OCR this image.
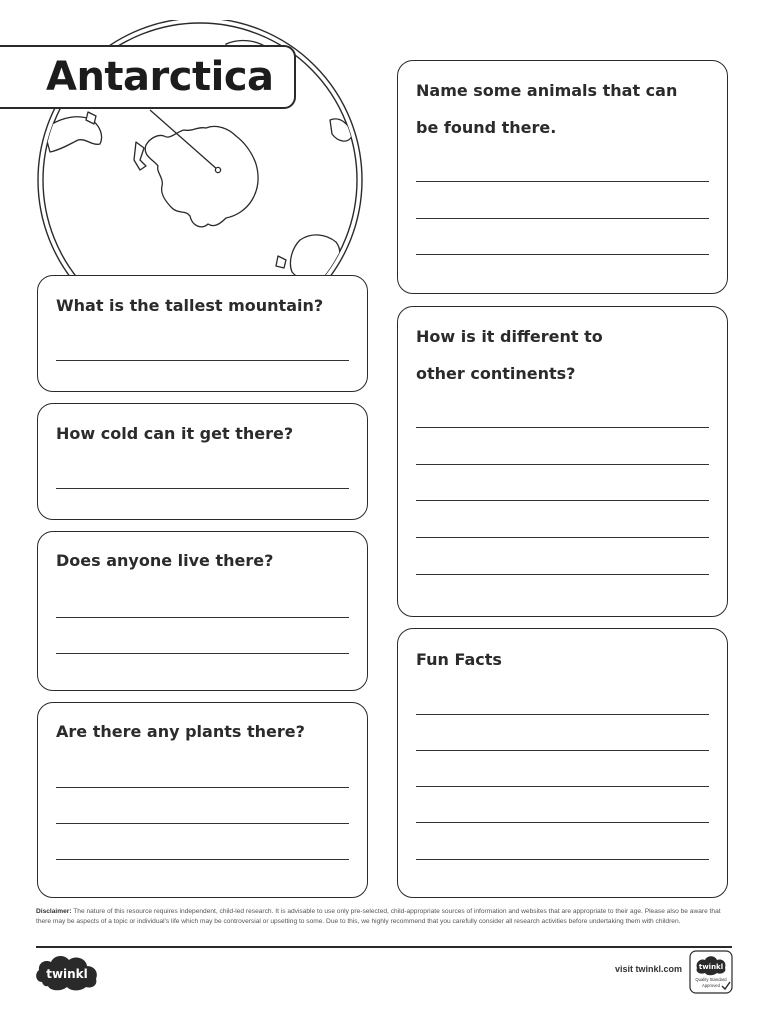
Antarctica	Name some animals that can

be found there.

How is it different to

other continents?

Fun Facts

What is the tallest mountain?

How cold can it get there?

Does anyone live there?

Are there any plants there?

Disclaimer: The nature of this resource requires independent, child-led research. It is advisable to use only pre-selected, child-appropriate sources of information and websites that are appropriate to their age. Please also be aware that there may be aspects of a topic or individual's life which may be controversial or upsetting to some. Due to this, we highly recommend that you carefully consider all research activities before undertaking them with children.
twinkl	visit twinkl.com twinkl
Quality Standard
Approved
